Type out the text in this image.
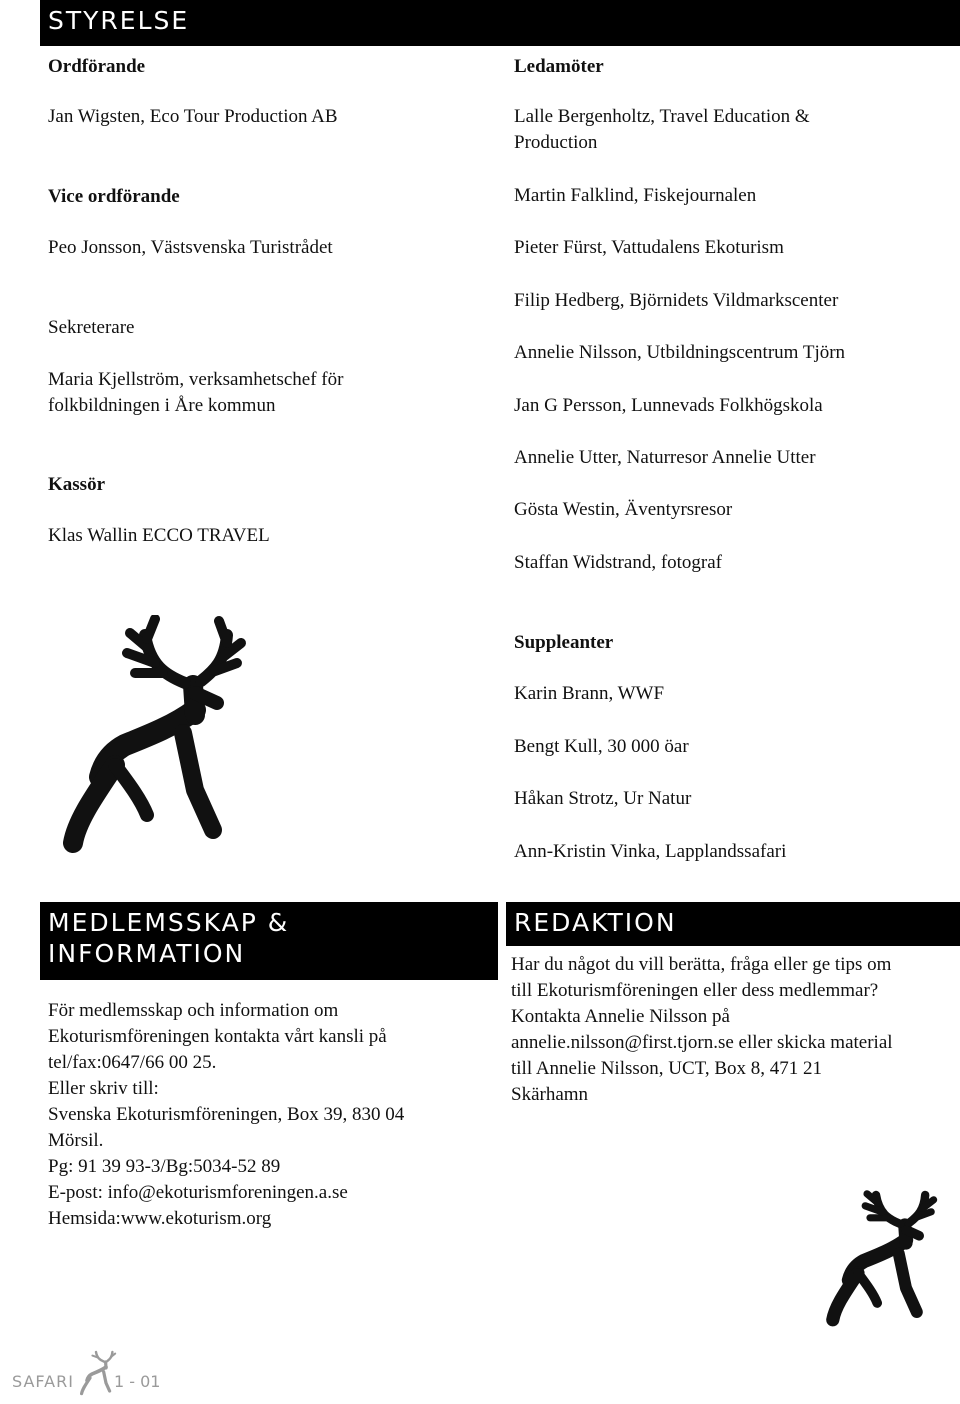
STYRELSE

Ordförande

Jan Wigsten, Eco Tour Production AB

Vice ordförande

Peo Jonsson, Västsvenska Turistrådet

Sekreterare

Maria Kjellström, verksamhetschef för

folkbildningen i Åre kommun

Kassör

Klas Wallin ECCO TRAVEL

Ledamöter

Lalle Bergenholtz, Travel Education &

Production

Martin Falklind, Fiskejournalen

Pieter Fürst, Vattudalens Ekoturism

Filip Hedberg, Björnidets Vildmarkscenter

Annelie Nilsson, Utbildningscentrum Tjörn

Jan G Persson, Lunnevads Folkhögskola

Annelie Utter, Naturresor Annelie Utter

Gösta Westin, Äventyrsresor

Staffan Widstrand, fotograf

Suppleanter

Karin Brann, WWF

Bengt Kull, 30 000 öar

Håkan Strotz, Ur Natur

Ann-Kristin Vinka, Lapplandssafari

MEDLEMSSKAP &
INFORMATION

För medlemsskap och information om

Ekoturismföreningen kontakta vårt kansli på

tel/fax:0647/66 00 25.

Eller skriv till:

Svenska Ekoturismföreningen, Box 39, 830 04

Mörsil.

Pg: 91 39 93-3/Bg:5034-52 89

E-post: info@ekoturismforeningen.a.se

Hemsida:www.ekoturism.org

REDAKTION

Har du något du vill berätta, fråga eller ge tips om

till Ekoturismföreningen eller dess medlemmar?

Kontakta Annelie Nilsson på

annelie.nilsson@first.tjorn.se eller skicka material

till Annelie Nilsson, UCT, Box 8, 471 21

Skärhamn

SAFARI	1 - 01
